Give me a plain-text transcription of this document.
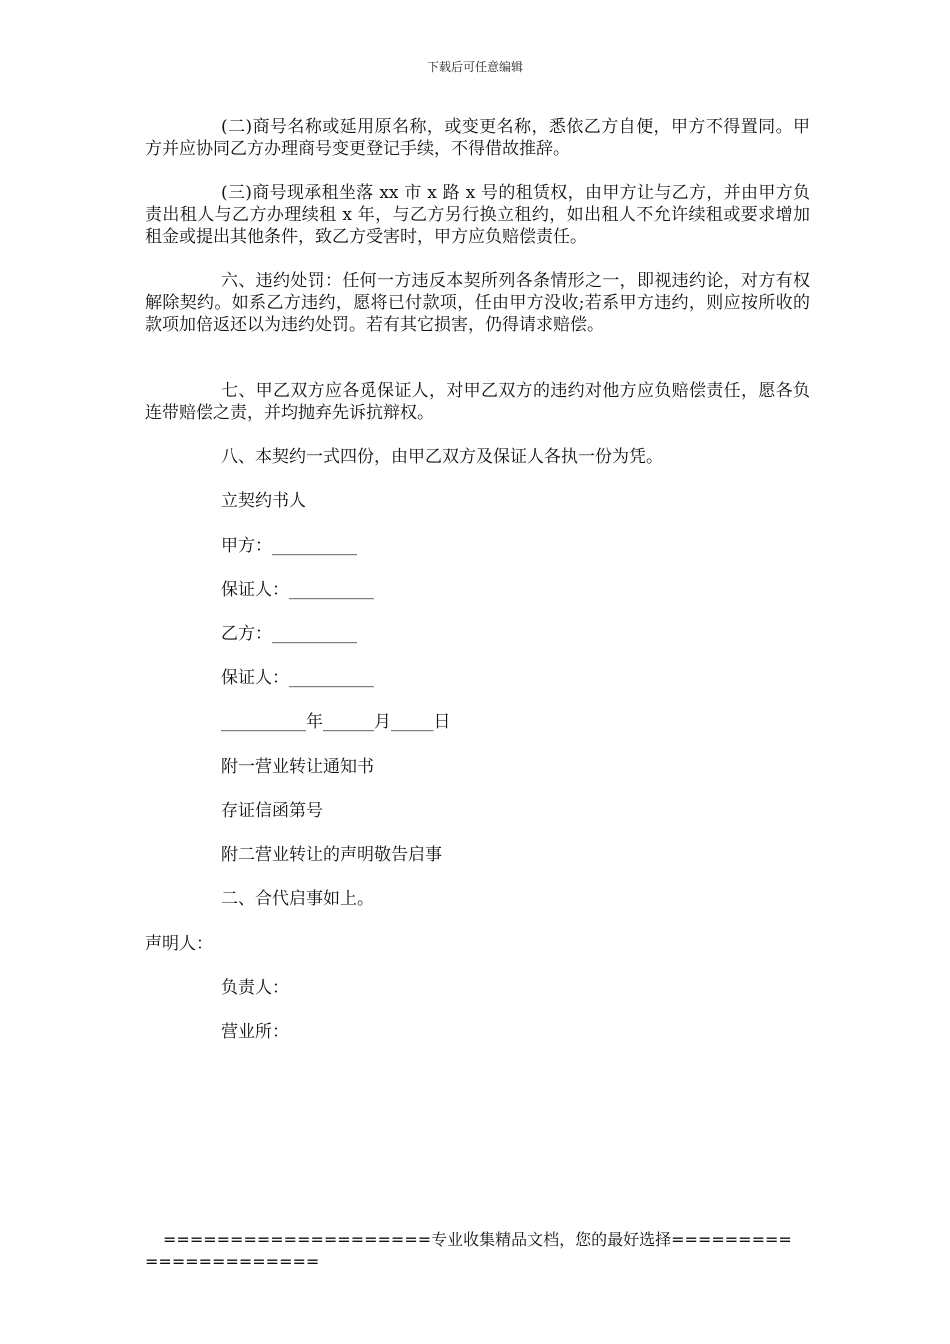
下载后可任意编辑

(二)商号名称或延用原名称，或变更名称，悉依乙方自便，甲方不得置同。甲方并应协同乙方办理商号变更登记手续，不得借故推辞。

(三)商号现承租坐落 xx 市 x 路 x 号的租赁权，由甲方让与乙方，并由甲方负责出租人与乙方办理续租 x 年，与乙方另行换立租约，如出租人不允许续租或要求增加租金或提出其他条件，致乙方受害时，甲方应负赔偿责任。

六、违约处罚：任何一方违反本契所列各条情形之一，即视违约论，对方有权解除契约。如系乙方违约，愿将已付款项，任由甲方没收;若系甲方违约，则应按所收的款项加倍返还以为违约处罚。若有其它损害，仍得请求赔偿。

七、甲乙双方应各觅保证人，对甲乙双方的违约对他方应负赔偿责任，愿各负连带赔偿之责，并均抛弃先诉抗辩权。

八、本契约一式四份，由甲乙双方及保证人各执一份为凭。
立契约书人
甲方：__________
保证人：__________
乙方：__________
保证人：__________
__________年______月_____日
附一营业转让通知书
存证信函第号
附二营业转让的声明敬告启事
二、合代启事如上。
声明人：
负责人：
营业所：
====================专业收集精品文档，您的最好选择======================
